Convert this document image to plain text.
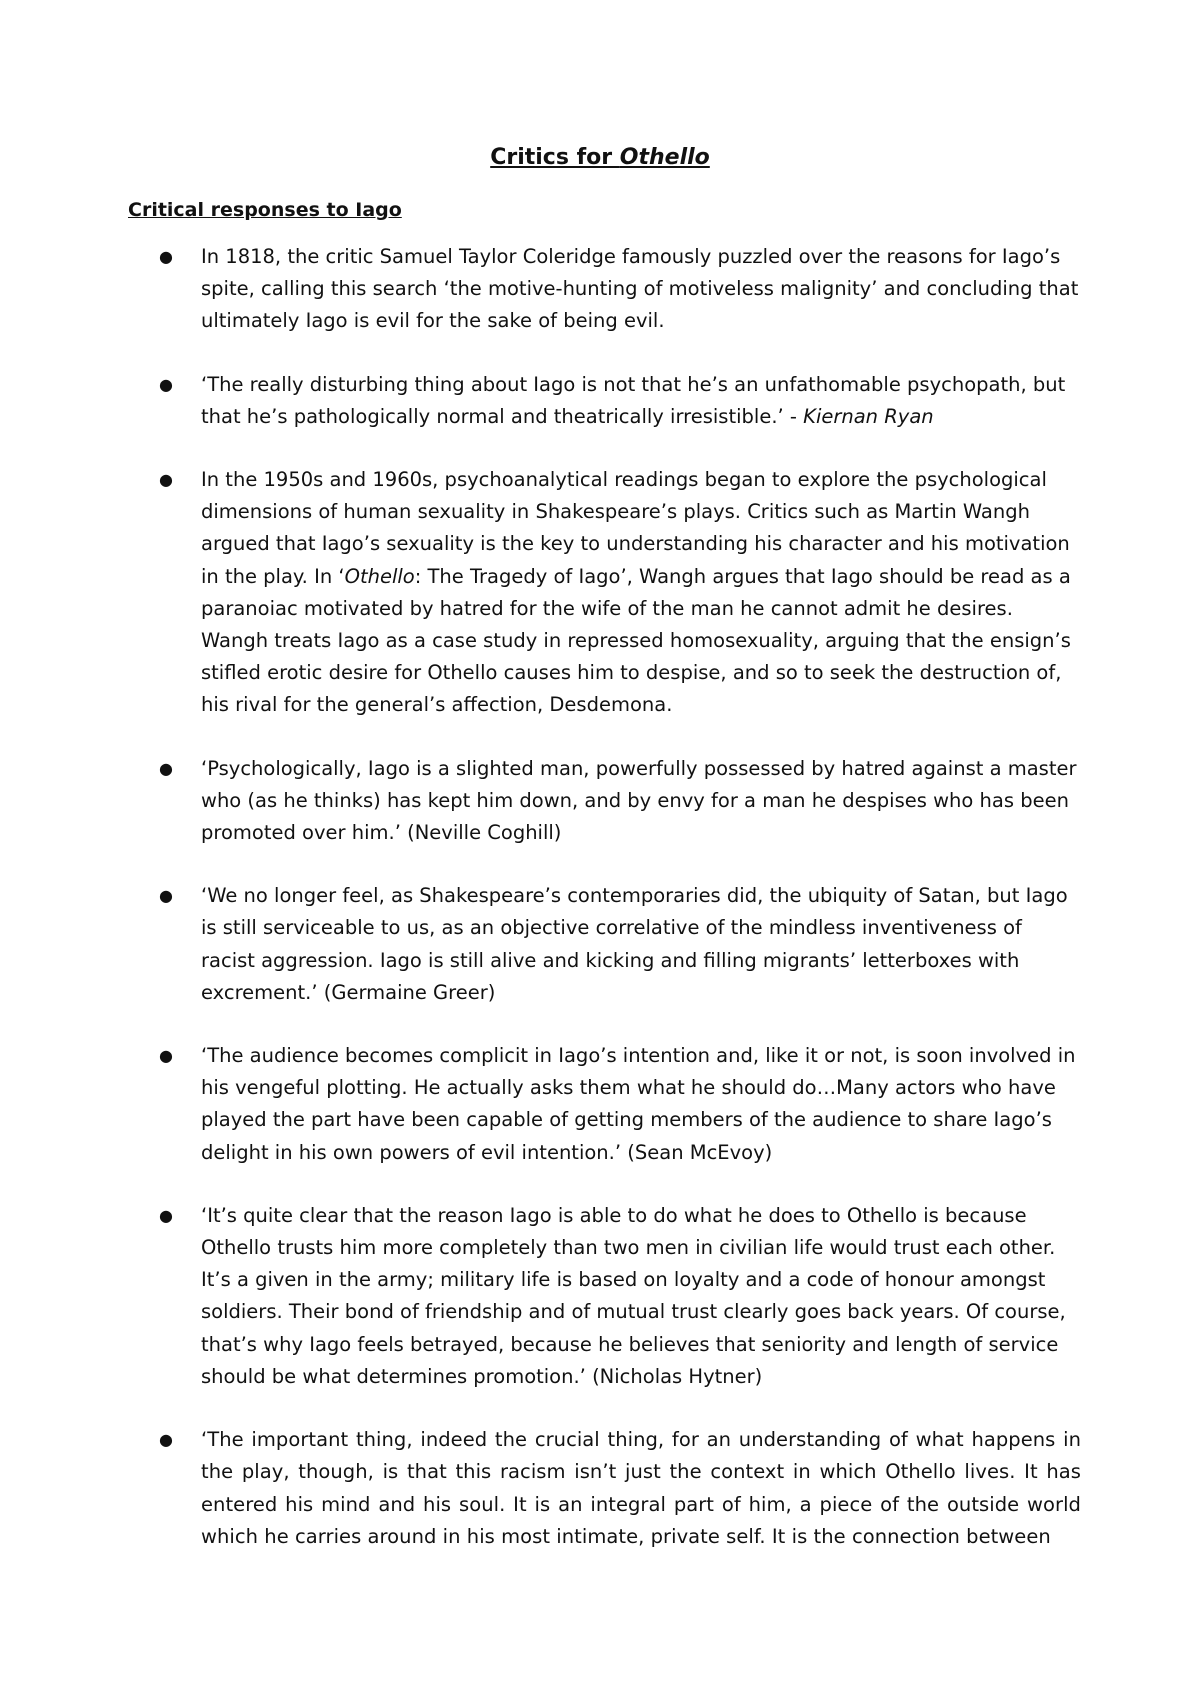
Critics for Othello
Critical responses to Iago
● In 1818, the critic Samuel Taylor Coleridge famously puzzled over the reasons for Iago’s spite, calling this search ‘the motive-hunting of motiveless malignity’ and concluding that ultimately Iago is evil for the sake of being evil.
● ‘The really disturbing thing about Iago is not that he’s an unfathomable psychopath, but that he’s pathologically normal and theatrically irresistible.’ - Kiernan Ryan
● In the 1950s and 1960s, psychoanalytical readings began to explore the psychological dimensions of human sexuality in Shakespeare’s plays. Critics such as Martin Wangh argued that Iago’s sexuality is the key to understanding his character and his motivation in the play. In ‘Othello: The Tragedy of Iago’, Wangh argues that Iago should be read as a paranoiac motivated by hatred for the wife of the man he cannot admit he desires. Wangh treats Iago as a case study in repressed homosexuality, arguing that the ensign’s stifled erotic desire for Othello causes him to despise, and so to seek the destruction of, his rival for the general’s affection, Desdemona.
● ‘Psychologically, Iago is a slighted man, powerfully possessed by hatred against a master who (as he thinks) has kept him down, and by envy for a man he despises who has been promoted over him.’ (Neville Coghill)
● ‘We no longer feel, as Shakespeare’s contemporaries did, the ubiquity of Satan, but Iago is still serviceable to us, as an objective correlative of the mindless inventiveness of racist aggression. Iago is still alive and kicking and filling migrants’ letterboxes with excrement.’ (Germaine Greer)
● ‘The audience becomes complicit in Iago’s intention and, like it or not, is soon involved in his vengeful plotting. He actually asks them what he should do…Many actors who have played the part have been capable of getting members of the audience to share Iago’s delight in his own powers of evil intention.’ (Sean McEvoy)
● ‘It’s quite clear that the reason Iago is able to do what he does to Othello is because Othello trusts him more completely than two men in civilian life would trust each other. It’s a given in the army; military life is based on loyalty and a code of honour amongst soldiers. Their bond of friendship and of mutual trust clearly goes back years. Of course, that’s why Iago feels betrayed, because he believes that seniority and length of service should be what determines promotion.’ (Nicholas Hytner)
● ‘The important thing, indeed the crucial thing, for an understanding of what happens in the play, though, is that this racism isn’t just the context in which Othello lives. It has entered his mind and his soul. It is an integral part of him, a piece of the outside world which he carries around in his most intimate, private self. It is the connection between
